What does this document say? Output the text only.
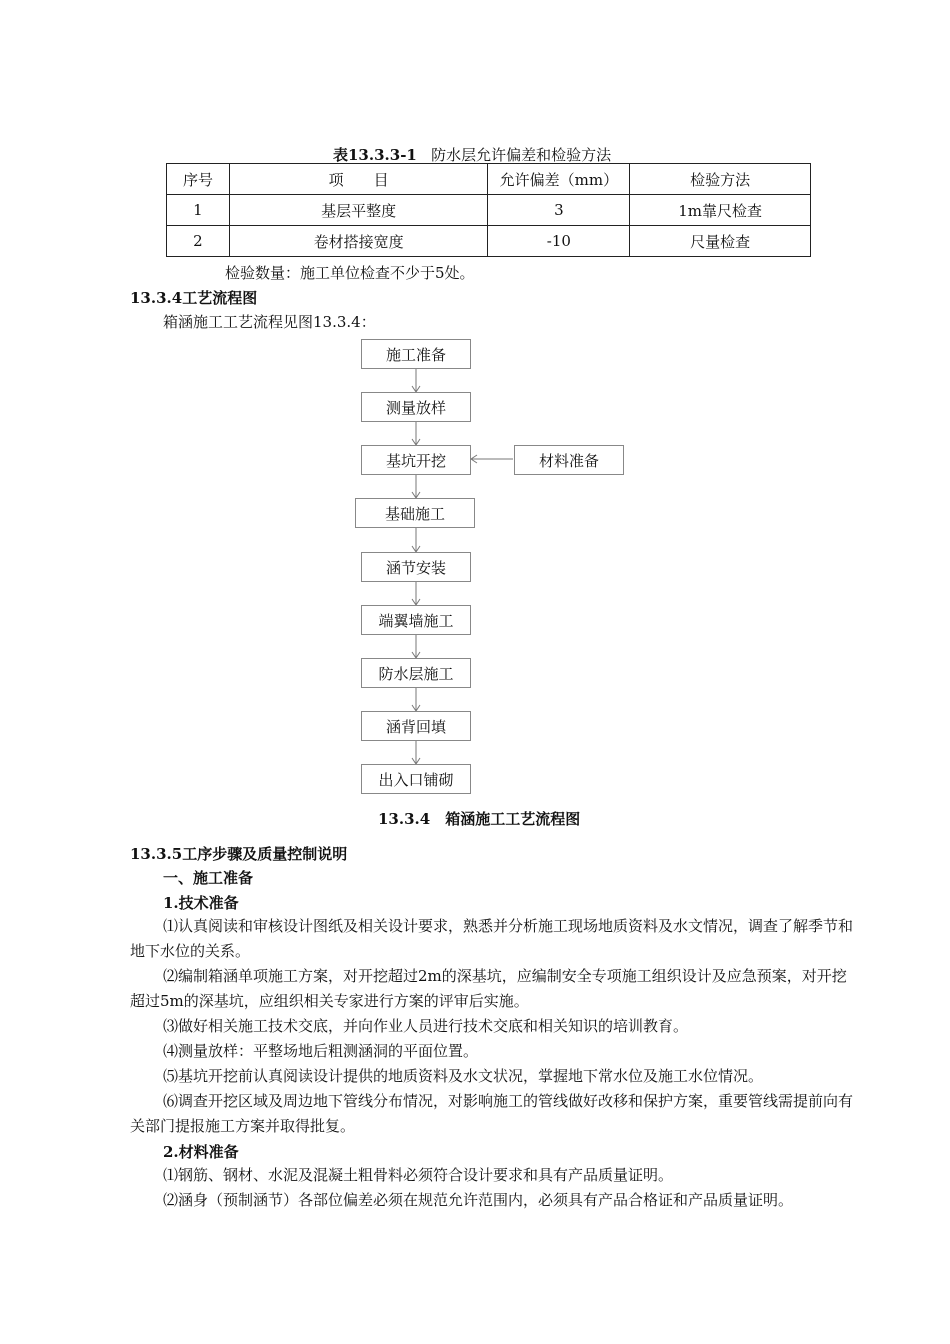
表13.3.3-1 防水层允许偏差和检验方法
序号	项　　目	允许偏差（mm）	检验方法
1	基层平整度	3	1m靠尺检查
2	卷材搭接宽度	-10	尺量检查
检验数量：施工单位检查不少于5处。
13.3.4工艺流程图
箱涵施工工艺流程见图13.3.4：
施工准备
测量放样
基坑开挖	材料准备
基础施工
涵节安装
端翼墙施工
防水层施工
涵背回填
出入口铺砌
13.3.4　箱涵施工工艺流程图
13.3.5工序步骤及质量控制说明
一、施工准备
1.技术准备
⑴认真阅读和审核设计图纸及相关设计要求，熟悉并分析施工现场地质资料及水文情况，调查了解季节和地下水位的关系。
⑵编制箱涵单项施工方案，对开挖超过2m的深基坑，应编制安全专项施工组织设计及应急预案，对开挖超过5m的深基坑，应组织相关专家进行方案的评审后实施。
⑶做好相关施工技术交底，并向作业人员进行技术交底和相关知识的培训教育。
⑷测量放样：平整场地后粗测涵洞的平面位置。
⑸基坑开挖前认真阅读设计提供的地质资料及水文状况，掌握地下常水位及施工水位情况。
⑹调查开挖区域及周边地下管线分布情况，对影响施工的管线做好改移和保护方案，重要管线需提前向有关部门提报施工方案并取得批复。
2.材料准备
⑴钢筋、钢材、水泥及混凝土粗骨料必须符合设计要求和具有产品质量证明。
⑵涵身（预制涵节）各部位偏差必须在规范允许范围内，必须具有产品合格证和产品质量证明。
